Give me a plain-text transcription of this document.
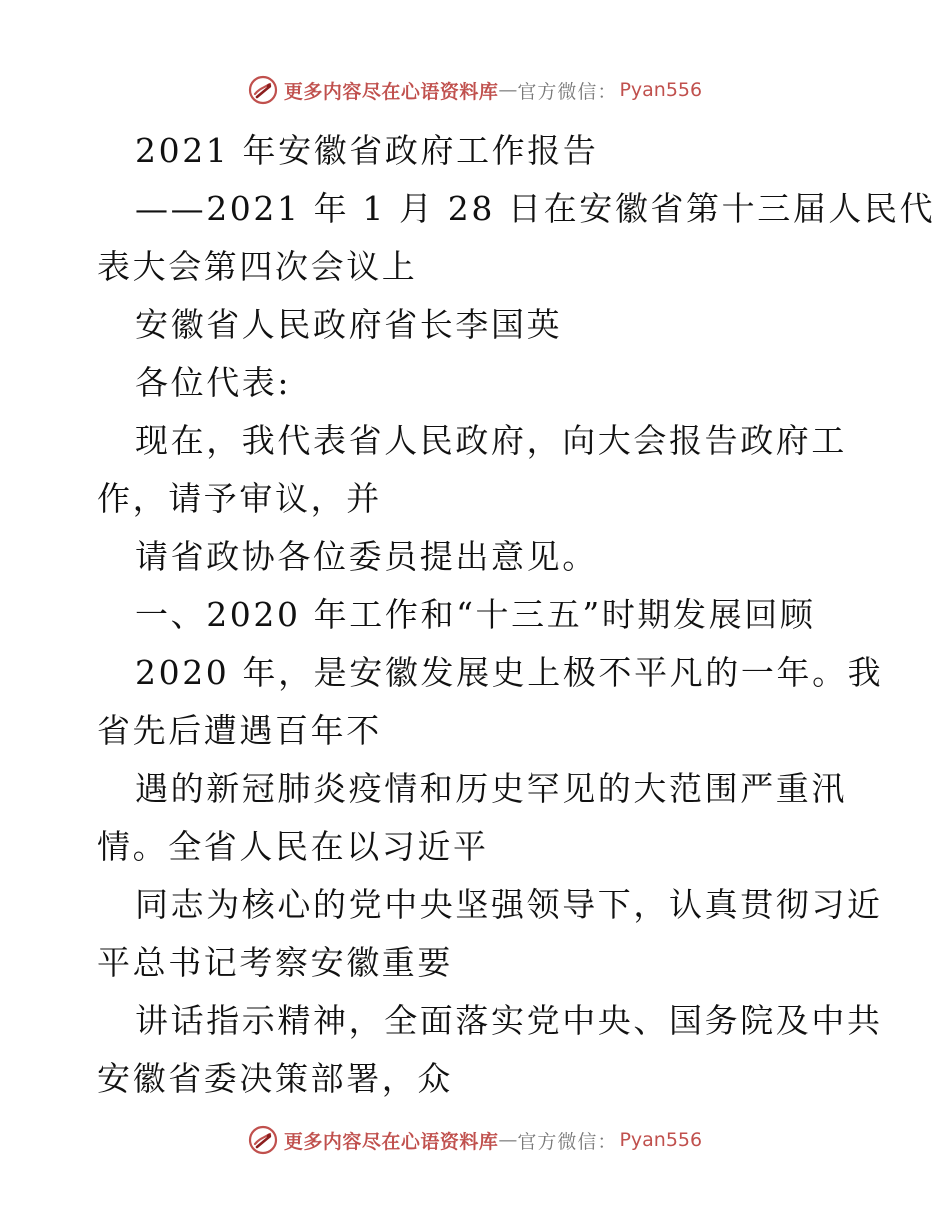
更多内容尽在心语资料库 — 官方微信： Pyan556
2021 年安徽省政府工作报告
——2021 年 1 月 28 日在安徽省第十三届人民代
表大会第四次会议上
安徽省人民政府省长李国英
各位代表:
现在，我代表省人民政府，向大会报告政府工
作，请予审议，并
请省政协各位委员提出意见。
一、2020 年工作和“十三五”时期发展回顾
2020 年，是安徽发展史上极不平凡的一年。我
省先后遭遇百年不
遇的新冠肺炎疫情和历史罕见的大范围严重汛
情。全省人民在以习近平
同志为核心的党中央坚强领导下，认真贯彻习近
平总书记考察安徽重要
讲话指示精神，全面落实党中央、国务院及中共
安徽省委决策部署，众
更多内容尽在心语资料库 — 官方微信： Pyan556
